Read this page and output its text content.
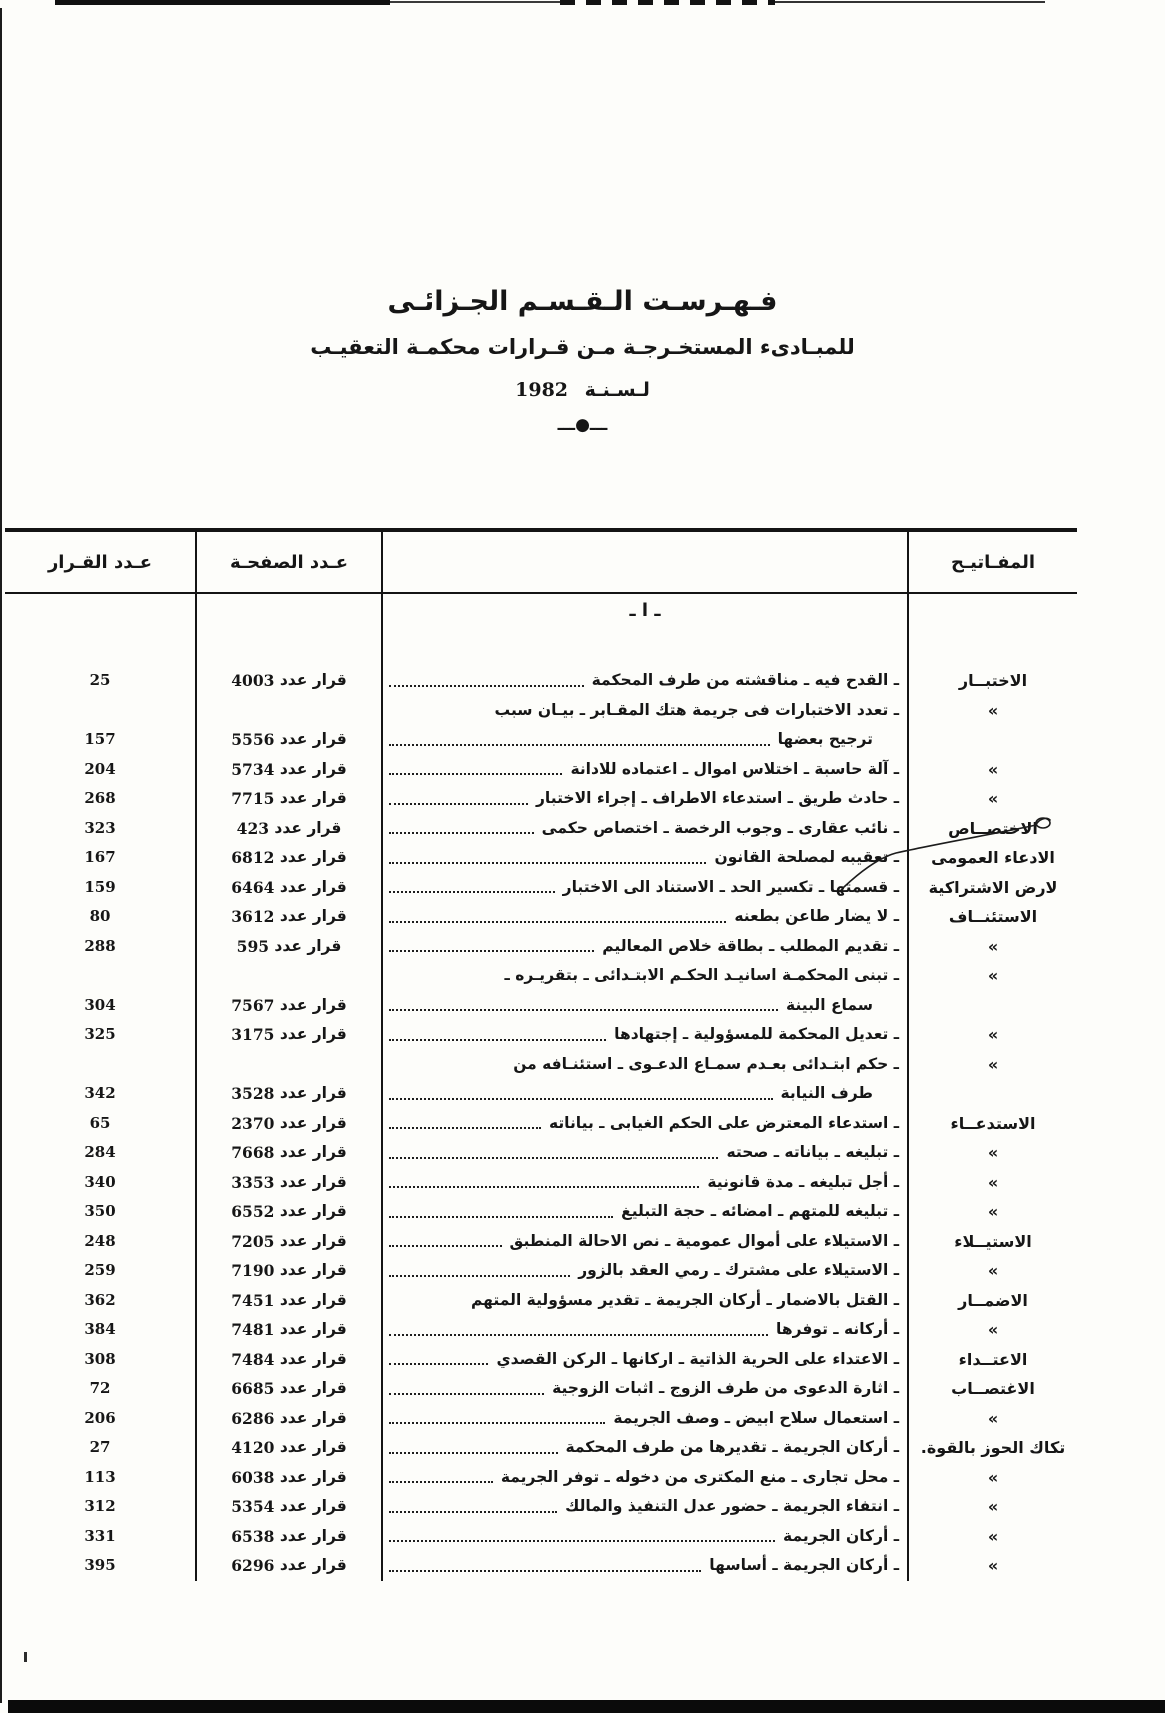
فـهـرسـت الـقـسـم الجـزائـى
للمبـادىء المستخـرجـة مـن قـرارات محكمـة التعقيـب
لـسـنـة 1982
ـــ●ـــ
المفـاتيـح
عـدد الصفحـة
عـدد القـرار
ـ ا ـ
الاختبــار
ـ القدح فيه ـ مناقشته من طرف المحكمة
قرار عدد

4003
25
»
ـ تعدد الاختبارات فى جريمة هتك المقـابر ـ بيـان سبب
ترجيح بعضها
قرار عدد

5556
157
»
ـ آلة حاسبة ـ اختلاس اموال ـ اعتماده للادانة
قرار عدد

5734
204
»
ـ حادث طريق ـ استدعاء الاطراف ـ إجراء الاختبار
قرار عدد

7715
268
الاختصــاص
ـ نائب عقارى ـ وجوب الرخصة ـ اختصاص حكمى
قرار عدد

423
323
الادعاء العمومى
ـ تعقيبه لمصلحة القانون
قرار عدد

6812
167
لارض الاشتراكية
ـ قسمتها ـ تكسير الحد ـ الاستناد الى الاختبار
قرار عدد

6464
159
الاستئنــاف
ـ لا يضار طاعن بطعنه
قرار عدد

3612
80
»
ـ تقديم المطلب ـ بطاقة خلاص المعاليم
قرار عدد

595
288
»
ـ تبنى المحكمـة اسانيـد الحكـم الابتـدائى ـ بتقريـره ـ
سماع البينة
قرار عدد

7567
304
»
ـ تعديل المحكمة للمسؤولية ـ إجتهادها
قرار عدد

3175
325
»
ـ حكم ابتـدائى بعـدم سمـاع الدعـوى ـ استئنـافه من
طرف النيابة
قرار عدد

3528
342
الاستدعــاء
ـ استدعاء المعترض على الحكم الغيابى ـ بياناته
قرار عدد

2370
65
»
ـ تبليغه ـ بياناته ـ صحته
قرار عدد

7668
284
»
ـ أجل تبليغه ـ مدة قانونية
قرار عدد

3353
340
»
ـ تبليغه للمتهم ـ امضائه ـ حجة التبليغ
قرار عدد

6552
350
الاستيــلاء
ـ الاستيلاء على أموال عمومية ـ نص الاحالة المنطبق
قرار عدد

7205
248
»
ـ الاستيلاء على مشترك ـ رمي العقد بالزور
قرار عدد

7190
259
الاضمــار
ـ القتل بالاضمار ـ أركان الجريمة ـ تقدير مسؤولية المتهم
قرار عدد

7451
362
»
ـ أركانه ـ توفرها
قرار عدد

7481
384
الاعتــداء
ـ الاعتداء على الحرية الذاتية ـ اركانها ـ الركن القصدي
قرار عدد

7484
308
الاغتصــاب
ـ اثارة الدعوى من طرف الزوج ـ اثبات الزوجية
قرار عدد

6685
72
»
ـ استعمال سلاح ابيض ـ وصف الجريمة
قرار عدد

6286
206
تكاك الحوز بالقوة.
ـ أركان الجريمة ـ تقديرها من طرف المحكمة
قرار عدد

4120
27
»
ـ محل تجارى ـ منع المكترى من دخوله ـ توفر الجريمة
قرار عدد

6038
113
»
ـ انتفاء الجريمة ـ حضور عدل التنفيذ والمالك
قرار عدد

5354
312
»
ـ أركان الجريمة
قرار عدد

6538
331
»
ـ أركان الجريمة ـ أساسها
قرار عدد

6296
395
